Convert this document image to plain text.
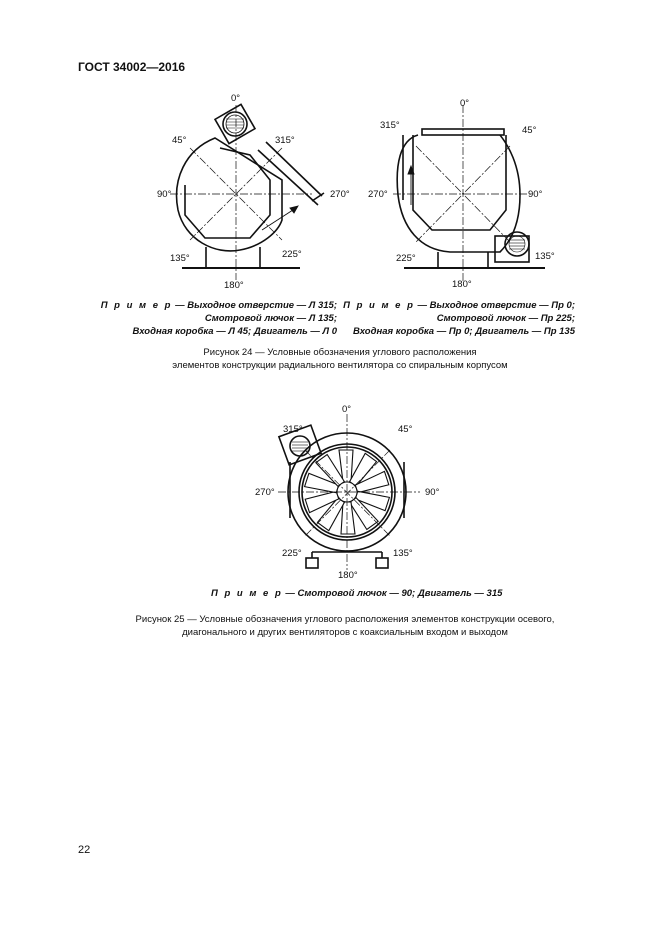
ГОСТ 34002—2016
0°
45°	315°
90°	270°
135°	225°
180°
0°
315°	45°
270°	90°
225°	135°
180°
П р и м е р — Выходное отверстие — Л 315;
Смотровой лючок — Л 135;
Входная коробка — Л 45; Двигатель — Л 0
П р и м е р — Выходное отверстие — Пр 0;
Смотровой лючок — Пр 225;
Входная коробка — Пр 0; Двигатель — Пр 135
Рисунок 24 — Условные обозначения углового расположения
элементов конструкции радиального вентилятора со спиральным корпусом
0°
315°	45°
270°	90°
225°	135°
180°
П р и м е р — Смотровой лючок — 90; Двигатель — 315
Рисунок 25 — Условные обозначения углового расположения элементов конструкции осевого,
диагонального и других вентиляторов с коаксиальным входом и выходом
22
